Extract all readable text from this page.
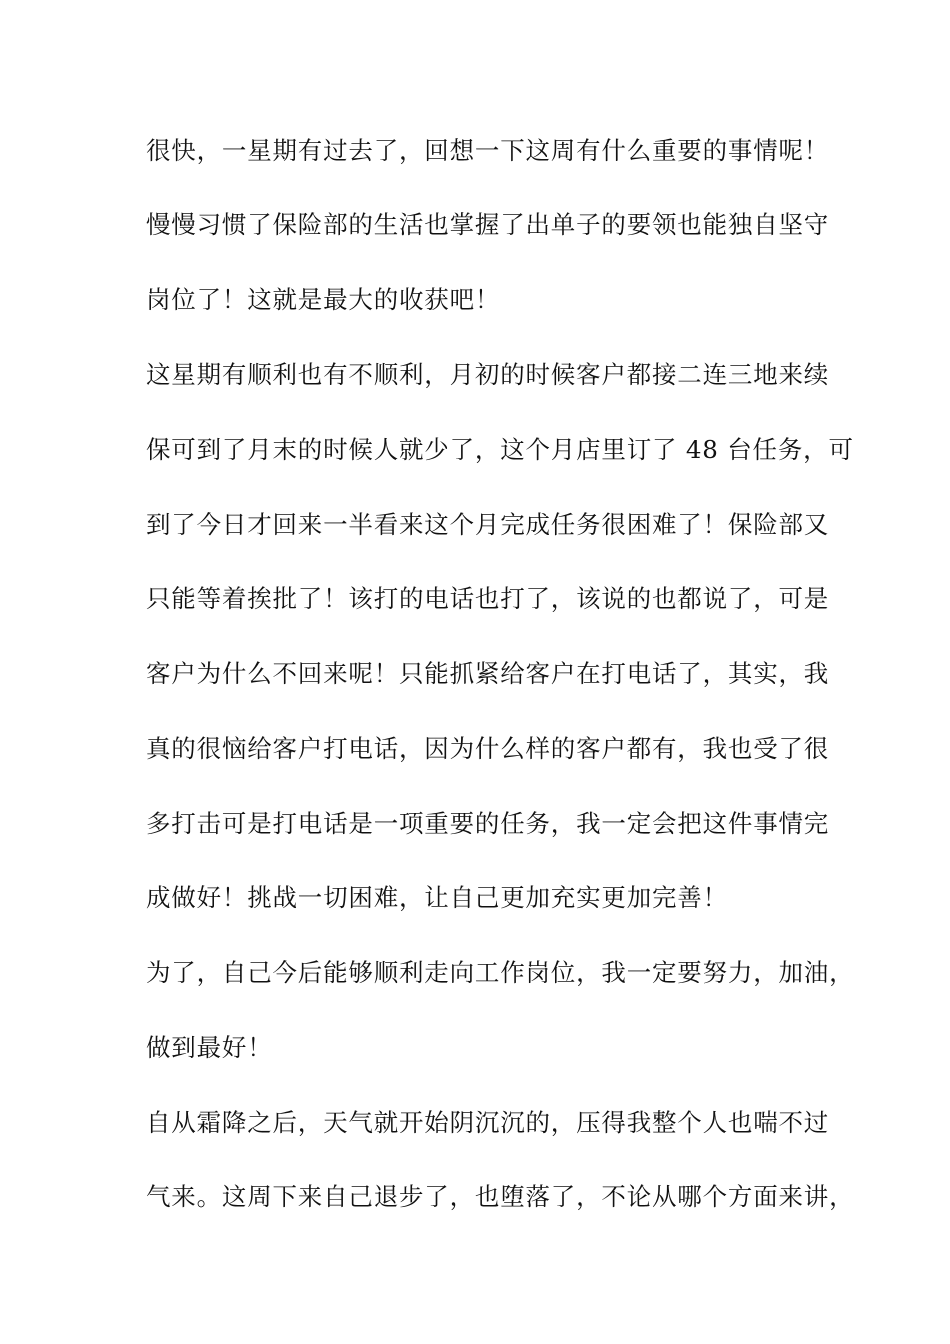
很快，一星期有过去了，回想一下这周有什么重要的事情呢！
慢慢习惯了保险部的生活也掌握了出单子的要领也能独自坚守
岗位了！这就是最大的收获吧！
这星期有顺利也有不顺利，月初的时候客户都接二连三地来续
保可到了月末的时候人就少了，这个月店里订了 48 台任务，可
到了今日才回来一半看来这个月完成任务很困难了！保险部又
只能等着挨批了！该打的电话也打了，该说的也都说了，可是
客户为什么不回来呢！只能抓紧给客户在打电话了，其实，我
真的很恼给客户打电话，因为什么样的客户都有，我也受了很
多打击可是打电话是一项重要的任务，我一定会把这件事情完
成做好！挑战一切困难，让自己更加充实更加完善！
为了，自己今后能够顺利走向工作岗位，我一定要努力，加油，
做到最好！
自从霜降之后，天气就开始阴沉沉的，压得我整个人也喘不过
气来。这周下来自己退步了，也堕落了，不论从哪个方面来讲，
